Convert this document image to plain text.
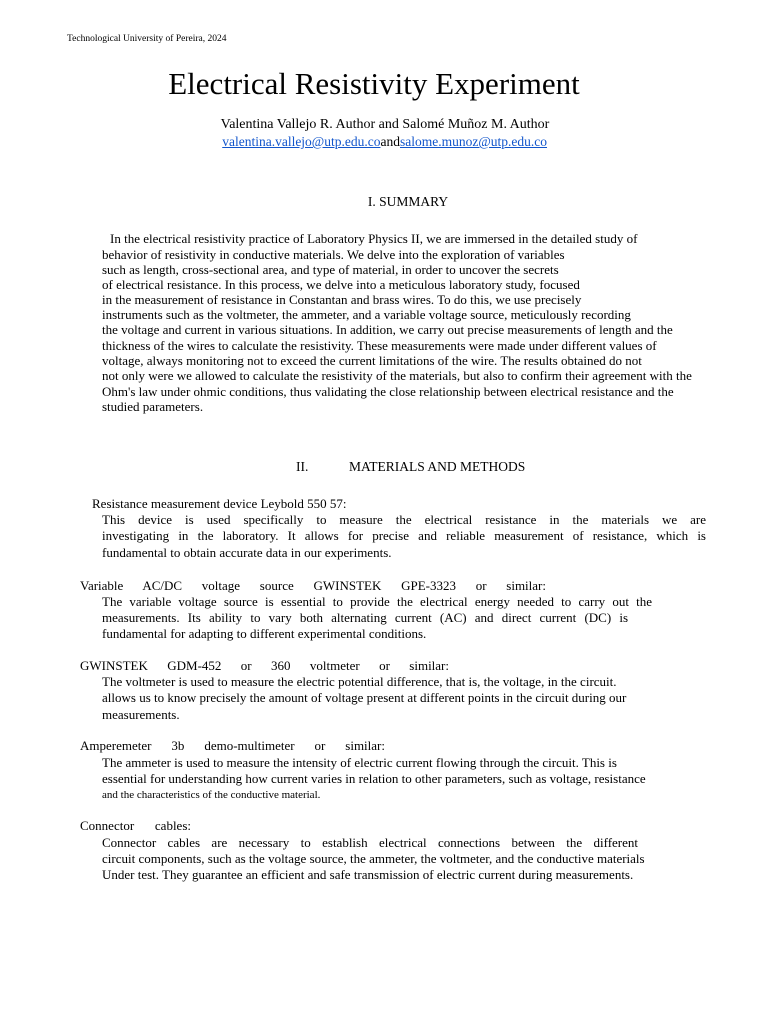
Technological University of Pereira, 2024
Electrical Resistivity Experiment
Valentina Vallejo R. Author and Salomé Muñoz M. Author
valentina.vallejo@utp.edu.coandsalome.munoz@utp.edu.co
I. SUMMARY
In the electrical resistivity practice of Laboratory Physics II, we are immersed in the detailed study of
behavior of resistivity in conductive materials. We delve into the exploration of variables
such as length, cross-sectional area, and type of material, in order to uncover the secrets
of electrical resistance. In this process, we delve into a meticulous laboratory study, focused
in the measurement of resistance in Constantan and brass wires. To do this, we use precisely
instruments such as the voltmeter, the ammeter, and a variable voltage source, meticulously recording
the voltage and current in various situations. In addition, we carry out precise measurements of length and the
thickness of the wires to calculate the resistivity. These measurements were made under different values of
voltage, always monitoring not to exceed the current limitations of the wire. The results obtained do not
not only were we allowed to calculate the resistivity of the materials, but also to confirm their agreement with the
Ohm's law under ohmic conditions, thus validating the close relationship between electrical resistance and the
studied parameters.
II.	MATERIALS AND METHODS
Resistance measurement device Leybold 550 57:
This device is used specifically to measure the electrical resistance in the materials we are
investigating in the laboratory. It allows for precise and reliable measurement of resistance, which is
fundamental to obtain accurate data in our experiments.
Variable AC/DC voltage source GWINSTEK GPE-3323 or similar:
The variable voltage source is essential to provide the electrical energy needed to carry out the
measurements. Its ability to vary both alternating current (AC) and direct current (DC) is
fundamental for adapting to different experimental conditions.
GWINSTEK GDM-452 or 360 voltmeter or similar:
The voltmeter is used to measure the electric potential difference, that is, the voltage, in the circuit.
allows us to know precisely the amount of voltage present at different points in the circuit during our
measurements.
Amperemeter 3b demo-multimeter or similar:
The ammeter is used to measure the intensity of electric current flowing through the circuit. This is
essential for understanding how current varies in relation to other parameters, such as voltage, resistance
and the characteristics of the conductive material.
Connector cables:
Connector cables are necessary to establish electrical connections between the different
circuit components, such as the voltage source, the ammeter, the voltmeter, and the conductive materials
Under test. They guarantee an efficient and safe transmission of electric current during measurements.
